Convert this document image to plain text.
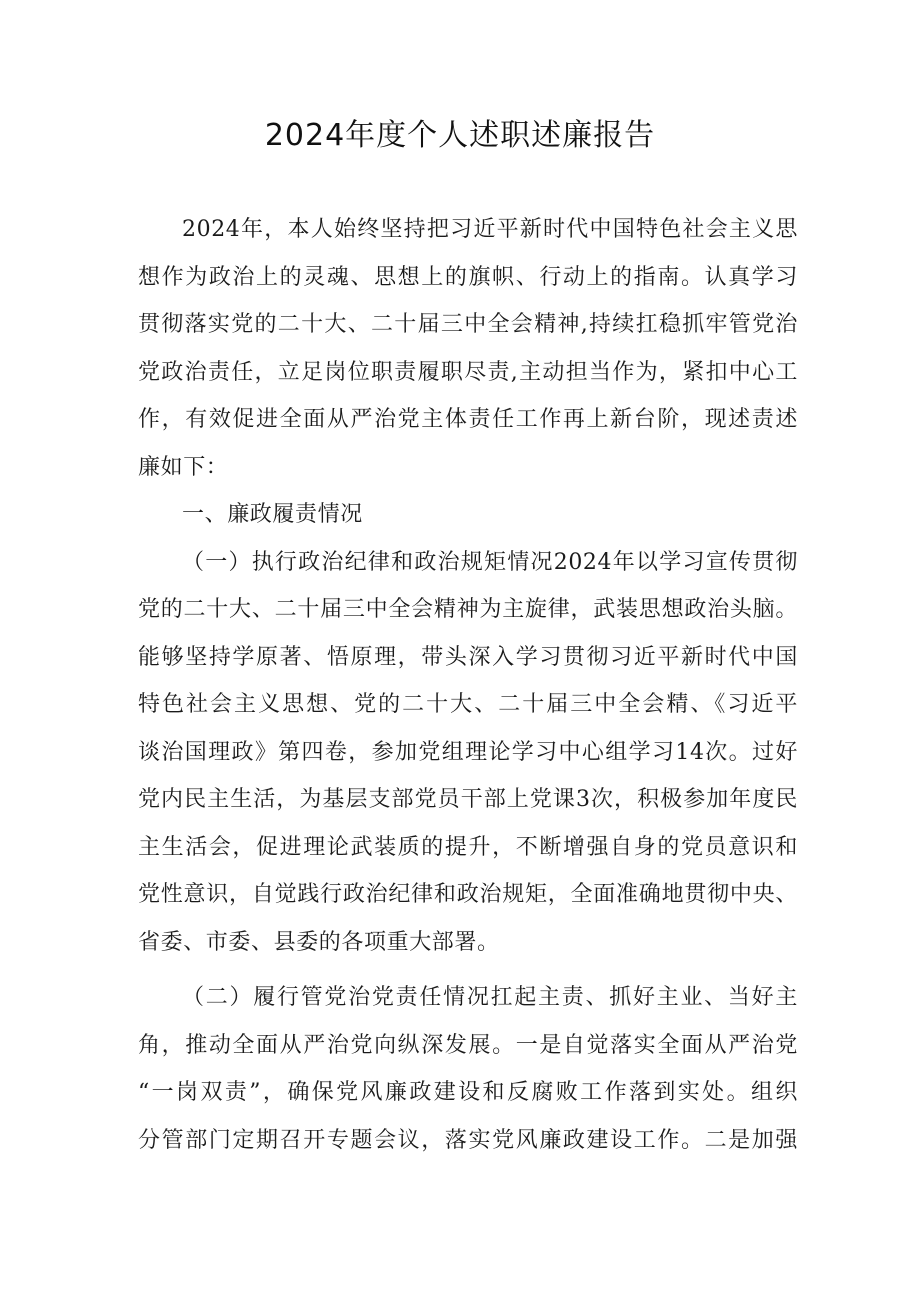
2024年度个人述职述廉报告
2024年，本人始终坚持把习近平新时代中国特色社会主义思
想作为政治上的灵魂、思想上的旗帜、行动上的指南。认真学习
贯彻落实党的二十大、二十届三中全会精神,持续扛稳抓牢管党治
党政治责任，立足岗位职责履职尽责,主动担当作为，紧扣中心工
作，有效促进全面从严治党主体责任工作再上新台阶，现述责述
廉如下：
一、廉政履责情况
（一）执行政治纪律和政治规矩情况2024年以学习宣传贯彻
党的二十大、二十届三中全会精神为主旋律，武装思想政治头脑。
能够坚持学原著、悟原理，带头深入学习贯彻习近平新时代中国
特色社会主义思想、党的二十大、二十届三中全会精、《习近平
谈治国理政》第四卷，参加党组理论学习中心组学习14次。过好
党内民主生活，为基层支部党员干部上党课3次，积极参加年度民
主生活会，促进理论武装质的提升，不断增强自身的党员意识和
党性意识，自觉践行政治纪律和政治规矩，全面准确地贯彻中央、
省委、市委、县委的各项重大部署。
（二）履行管党治党责任情况扛起主责、抓好主业、当好主
角，推动全面从严治党向纵深发展。一是自觉落实全面从严治党
“一岗双责”，确保党风廉政建设和反腐败工作落到实处。组织
分管部门定期召开专题会议，落实党风廉政建设工作。二是加强
